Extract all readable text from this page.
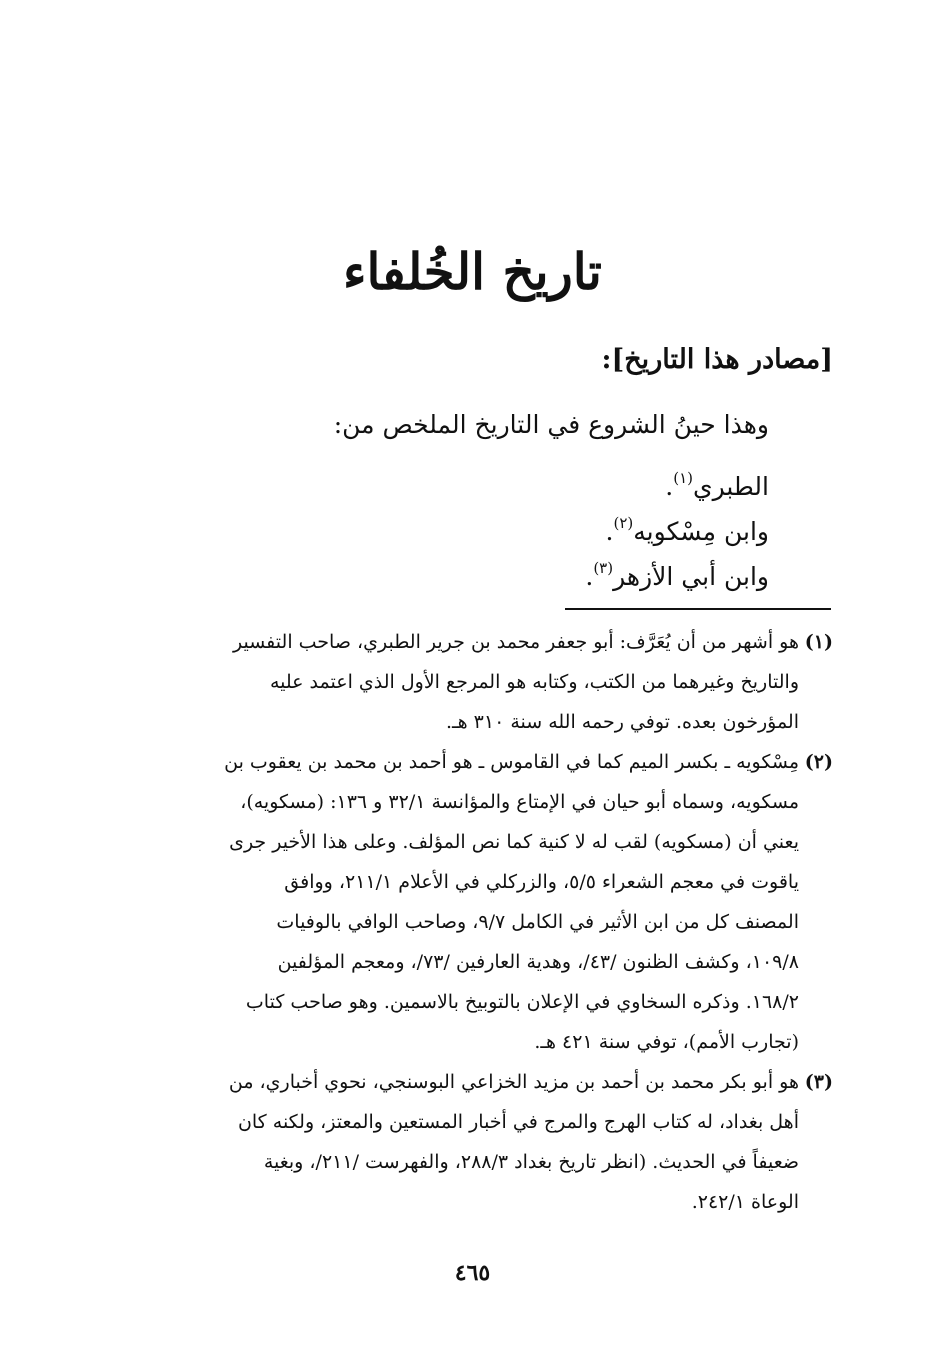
تاريخ الخُلفاء
[مصادر هذا التاريخ]:
وهذا حينُ الشروع في التاريخ الملخص من:
الطبري$^{(١)}$.
وابن مِسْكويه$^{(٢)}$.
وابن أبي الأزهر$^{(٣)}$.
(١)
هو أشهر من أن يُعَرَّف: أبو جعفر محمد بن جرير الطبري، صاحب التفسير
والتاريخ وغيرهما من الكتب، وكتابه هو المرجع الأول الذي اعتمد عليه
المؤرخون بعده. توفي رحمه الله سنة ٣١٠ هـ.
(٢)
مِسْكويه ـ بكسر الميم كما في القاموس ـ هو أحمد بن محمد بن يعقوب بن
مسكويه، وسماه أبو حيان في الإمتاع والمؤانسة ٣٢/١ و ١٣٦: (مسكويه)،
يعني أن (مسكويه) لقب له لا كنية كما نص المؤلف. وعلى هذا الأخير جرى
ياقوت في معجم الشعراء ٥/٥، والزركلي في الأعلام ٢١١/١، ووافق
المصنف كل من ابن الأثير في الكامل ٩/٧، وصاحب الوافي بالوفيات
١٠٩/٨، وكشف الظنون /٤٣/، وهدية العارفين /٧٣/، ومعجم المؤلفين
١٦٨/٢. وذكره السخاوي في الإعلان بالتوبيخ بالاسمين. وهو صاحب كتاب
(تجارب الأمم)، توفي سنة ٤٢١ هـ.
(٣)
هو أبو بكر محمد بن أحمد بن مزيد الخزاعي البوسنجي، نحوي أخباري، من
أهل بغداد، له كتاب الهرج والمرج في أخبار المستعين والمعتز، ولكنه كان
ضعيفاً في الحديث. (انظر تاريخ بغداد ٢٨٨/٣، والفهرست /٢١١/، وبغية
الوعاة ٢٤٢/١.
٤٦٥
